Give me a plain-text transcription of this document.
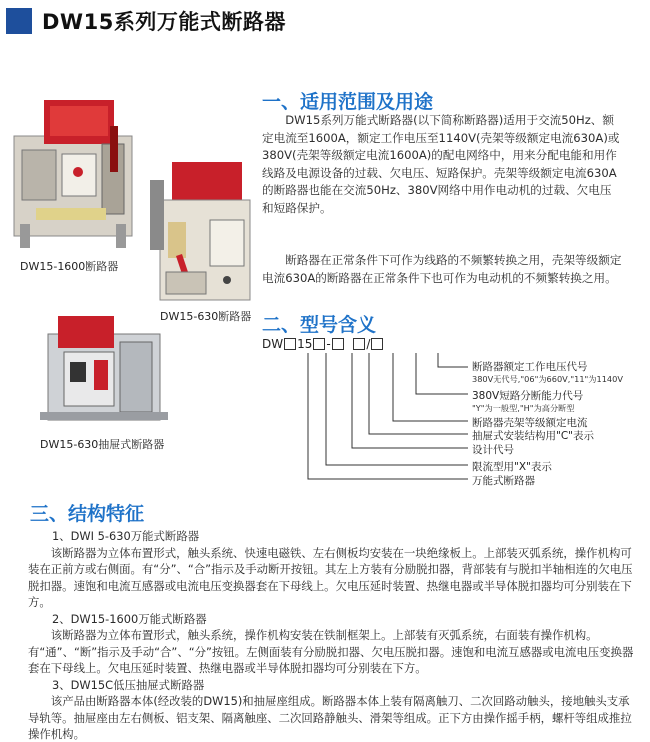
DW15系列万能式断路器
DW15-1600断路器
DW15-630断路器
DW15-630抽屉式断路器
一、适用范围及用途
DW15系列万能式断路器(以下简称断路器)适用于交流50Hz、额定电流至1600A，额定工作电压至1140V(壳架等级额定电流630A)或380V(壳架等级额定电流1600A)的配电网络中，用来分配电能和用作线路及电源设备的过载、欠电压、短路保护。壳架等级额定电流630A的断路器也能在交流50Hz、380V网络中用作电动机的过载、欠电压和短路保护。
断路器在正常条件下可作为线路的不频繁转换之用，壳架等级额定电流630A的断路器在正常条件下也可作为电动机的不频繁转换之用。
二、型号含义
DW 15 -	/
断路器额定工作电压代号
380V无代号,"06"为660V,"11"为1140V
380V短路分断能力代号
"Y"为一般型,"H"为高分断型
断路器壳架等级额定电流
抽屉式安装结构用"C"表示
设计代号
限流型用"X"表示
万能式断路器
三、结构特征
1、DWI 5-630万能式断路器
该断路器为立体布置形式，触头系统、快速电磁铁、左右侧板均安装在一块绝缘板上。上部装灭弧系统，操作机构可装在正前方或右侧面。有“分”、“合”指示及手动断开按钮。其左上方装有分励脱扣器，背部装有与脱扣半轴相连的欠电压脱扣器。速饱和电流互感器或电流电压变换器套在下母线上。欠电压延时装置、热继电器或半导体脱扣器均可分别装在下方。
2、DW15-1600万能式断路器
该断路器为立体布置形式，触头系统，操作机构安装在铁制框架上。上部装有灭弧系统，右面装有操作机构。有“通”、“断”指示及手动“合”、“分”按钮。左侧面装有分励脱扣器、欠电压脱扣器。速饱和电流互感器或电流电压变换器套在下母线上。欠电压延时装置、热继电器或半导体脱扣器均可分别装在下方。
3、DW15C低压抽屉式断路器
该产品由断路器本体(经改装的DW15)和抽屉座组成。断路器本体上装有隔离触刀、二次回路动触头，接地触头支承导轨等。抽屉座由左右侧板、铝支架、隔离触座、二次回路静触头、滑架等组成。正下方由操作摇手柄，螺杆等组成推拉操作机构。
